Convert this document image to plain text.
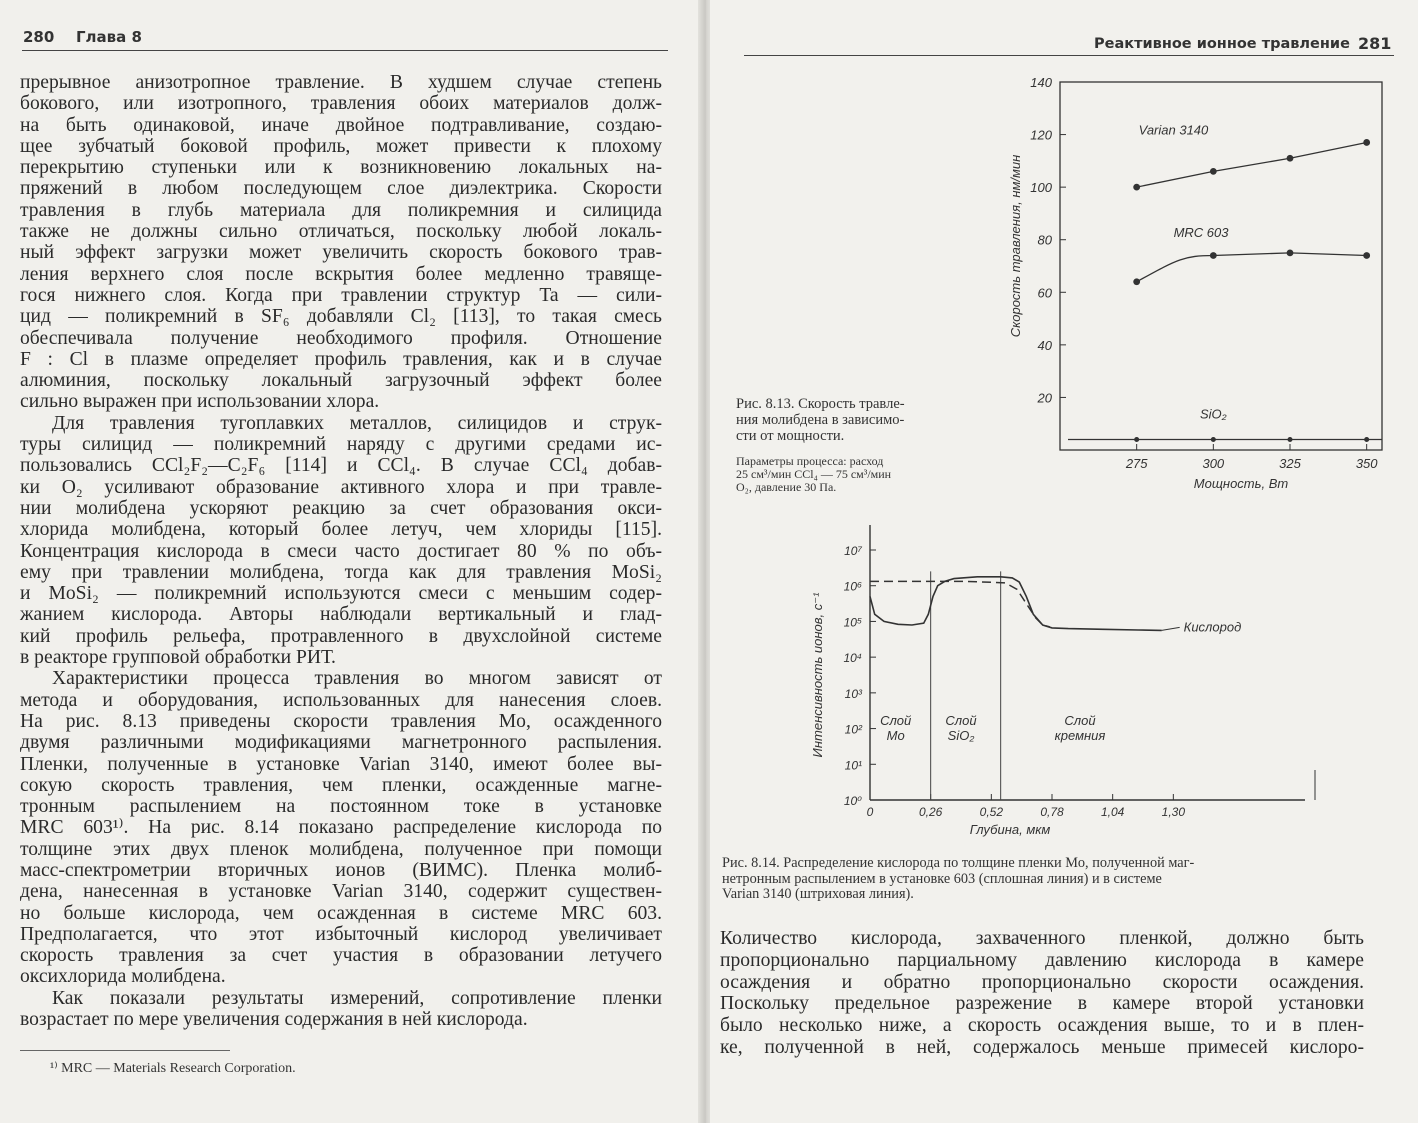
280 Глава 8
прерывное анизотропное травление. В худшем случае степень
бокового, или изотропного, травления обоих материалов долж-
на быть одинаковой, иначе двойное подтравливание, создаю-
щее зубчатый боковой профиль, может привести к плохому
перекрытию ступеньки или к возникновению локальных на-
пряжений в любом последующем слое диэлектрика. Скорости
травления в глубь материала для поликремния и силицида
также не должны сильно отличаться, поскольку любой локаль-
ный эффект загрузки может увеличить скорость бокового трав-
ления верхнего слоя после вскрытия более медленно травяще-
гося нижнего слоя. Когда при травлении структур Ta — сили-
цид — поликремний в SF₆ добавляли Cl₂ [113], то такая смесь
обеспечивала получение необходимого профиля. Отношение
F : Cl в плазме определяет профиль травления, как и в случае
алюминия, поскольку локальный загрузочный эффект более
сильно выражен при использовании хлора.
Для травления тугоплавких металлов, силицидов и струк-
туры силицид — поликремний наряду с другими средами ис-
пользовались CCl₂F₂—C₂F₆ [114] и CCl₄. В случае CCl₄ добав-
ки O₂ усиливают образование активного хлора и при травле-
нии молибдена ускоряют реакцию за счет образования окси-
хлорида молибдена, который более летуч, чем хлориды [115].
Концентрация кислорода в смеси часто достигает 80 % по объ-
ему при травлении молибдена, тогда как для травления MoSi₂
и MoSi₂ — поликремний используются смеси с меньшим содер-
жанием кислорода. Авторы наблюдали вертикальный и глад-
кий профиль рельефа, протравленного в двухслойной системе
в реакторе групповой обработки РИТ.
Характеристики процесса травления во многом зависят от
метода и оборудования, использованных для нанесения слоев.
На рис. 8.13 приведены скорости травления Mo, осажденного
двумя различными модификациями магнетронного распыления.
Пленки, полученные в установке Varian 3140, имеют более вы-
сокую скорость травления, чем пленки, осажденные магне-
тронным распылением на постоянном токе в установке
MRC 603¹⁾. На рис. 8.14 показано распределение кислорода по
толщине этих двух пленок молибдена, полученное при помощи
масс-спектрометрии вторичных ионов (ВИМС). Пленка молиб-
дена, нанесенная в установке Varian 3140, содержит существен-
но больше кислорода, чем осажденная в системе MRC 603.
Предполагается, что этот избыточный кислород увеличивает
скорость травления за счет участия в образовании летучего
оксихлорида молибдена.
Как показали результаты измерений, сопротивление пленки
возрастает по мере увеличения содержания в ней кислорода.
¹⁾ MRC — Materials Research Corporation.
Реактивное ионное травление 281
20
40
60
80
100
120
140
275	300	325	350
Мощность, Вт
Скорость травления, нм/мин
Varian 3140
MRC 603
SiO₂
Рис. 8.13. Скорость травле-
ния молибдена в зависимо-
сти от мощности.
Параметры процесса: расход
25 см³/мин CCl₄ — 75 см³/мин
O₂, давление 30 Па.
10⁰
10¹
10²
10³
10⁴
10⁵
10⁶
10⁷
0	0,26	0,52	0,78	1,04	1,30
Глубина, мкм
Интенсивность ионов, с⁻¹	Слой
Mo
Слой
SiO₂
Слой
кремния
Кислород
Рис. 8.14. Распределение кислорода по толщине пленки Mo, полученной маг-
нетронным распылением в установке 603 (сплошная линия) и в системе
Varian 3140 (штриховая линия).
Количество кислорода, захваченного пленкой, должно быть
пропорционально парциальному давлению кислорода в камере
осаждения и обратно пропорционально скорости осаждения.
Поскольку предельное разрежение в камере второй установки
было несколько ниже, а скорость осаждения выше, то и в плен-
ке, полученной в ней, содержалось меньше примесей кислоро-
